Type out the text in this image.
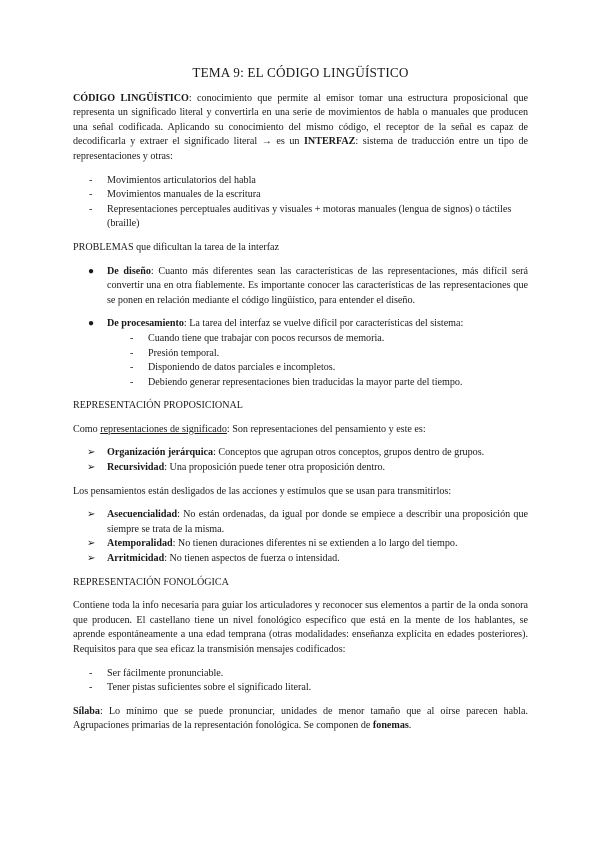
TEMA 9: EL CÓDIGO LINGÜÍSTICO

CÓDIGO LINGÜÍSTICO: conocimiento que permite al emisor tomar una estructura proposicional que representa un significado literal y convertirla en una serie de movimientos de habla o manuales que producen una señal codificada. Aplicando su conocimiento del mismo código, el receptor de la señal es capaz de decodificarla y extraer el significado literal → es un INTERFAZ: sistema de traducción entre un tipo de representaciones y otras:

- Movimientos articulatorios del habla
- Movimientos manuales de la escritura
- Representaciones perceptuales auditivas y visuales + motoras manuales (lengua de signos) o táctiles (braille)

PROBLEMAS que dificultan la tarea de la interfaz

● De diseño: Cuanto más diferentes sean las características de las representaciones, más difícil será convertir una en otra fiablemente. Es importante conocer las características de las representaciones que se ponen en relación mediante el código lingüístico, para entender el diseño.
● De procesamiento: La tarea del interfaz se vuelve difícil por características del sistema:
- Cuando tiene que trabajar con pocos recursos de memoria.
- Presión temporal.
- Disponiendo de datos parciales e incompletos.
- Debiendo generar representaciones bien traducidas la mayor parte del tiempo.

REPRESENTACIÓN PROPOSICIONAL

Como representaciones de significado: Son representaciones del pensamiento y este es:

➢ Organización jerárquica: Conceptos que agrupan otros conceptos, grupos dentro de grupos.
➢ Recursividad: Una proposición puede tener otra proposición dentro.

Los pensamientos están desligados de las acciones y estímulos que se usan para transmitirlos:

➢ Asecuencialidad: No están ordenadas, da igual por donde se empiece a describir una proposición que siempre se trata de la misma.
➢ Atemporalidad: No tienen duraciones diferentes ni se extienden a lo largo del tiempo.
➢ Arritmicidad: No tienen aspectos de fuerza o intensidad.

REPRESENTACIÓN FONOLÓGICA

Contiene toda la info necesaria para guiar los articuladores y reconocer sus elementos a partir de la onda sonora que producen. El castellano tiene un nivel fonológico específico que está en la mente de los hablantes, se aprende espontáneamente a una edad temprana (otras modalidades: enseñanza explícita en edades posteriores). Requisitos para que sea eficaz la transmisión mensajes codificados:

- Ser fácilmente pronunciable.
- Tener pistas suficientes sobre el significado literal.

Sílaba: Lo mínimo que se puede pronunciar, unidades de menor tamaño que al oírse parecen habla. Agrupaciones primarias de la representación fonológica. Se componen de fonemas.
